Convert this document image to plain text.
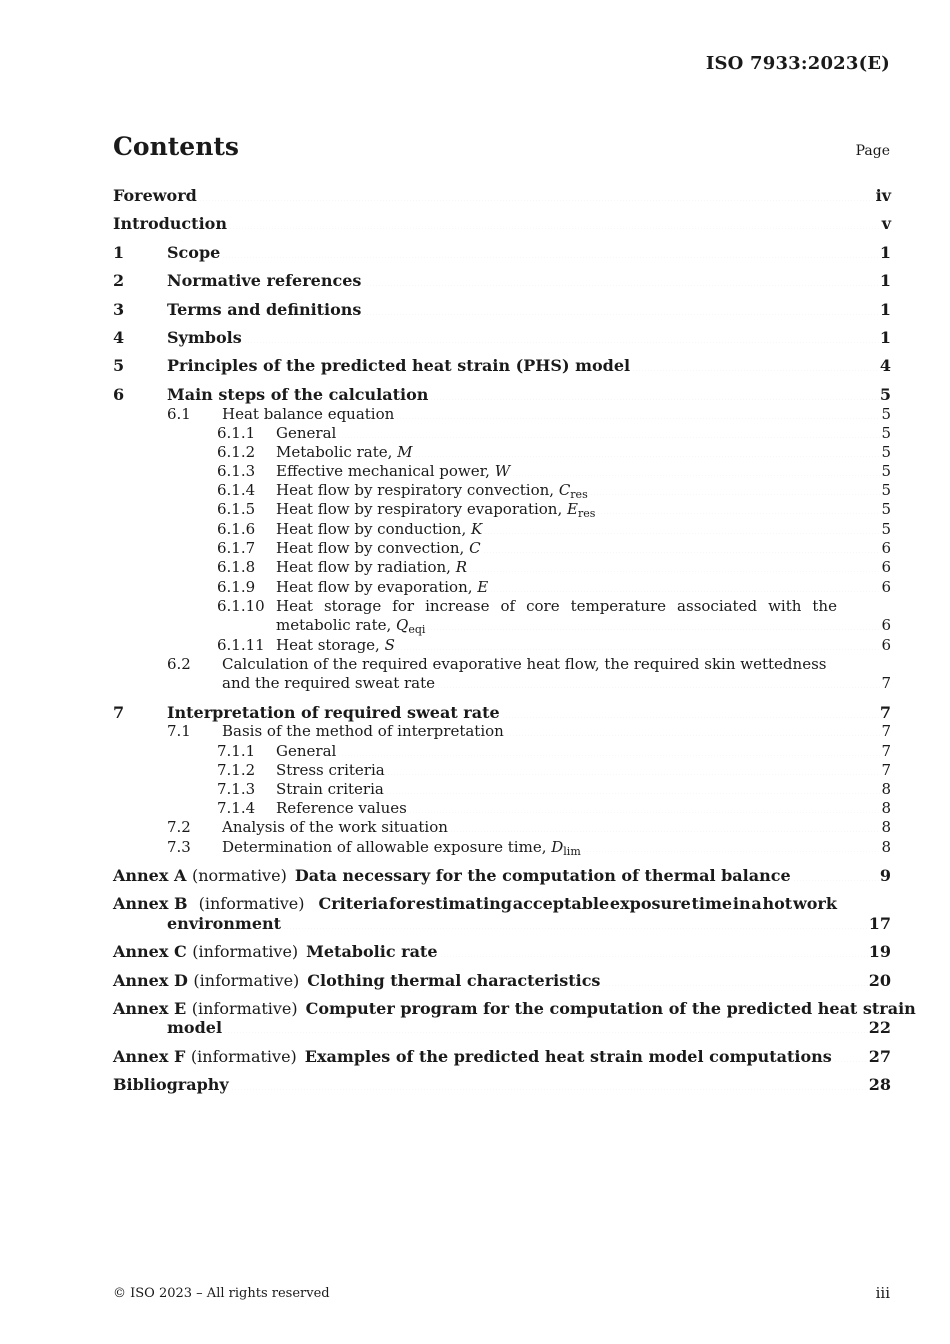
ISO 7933:2023(E)
Contents	Page
Foreword	iv
Introduction	v
1	Scope	1
2	Normative references	1
3	Terms and definitions	1
4	Symbols	1
5	Principles of the predicted heat strain (PHS) model	4
6	Main steps of the calculation	5
6.1	Heat balance equation	5
6.1.1	General	5
6.1.2	Metabolic rate, M	5
6.1.3	Effective mechanical power, W	5
6.1.4	Heat flow by respiratory convection, $C_{res}$	5
6.1.5	Heat flow by respiratory evaporation, $E_{res}$	5
6.1.6	Heat flow by conduction, K	5
6.1.7	Heat flow by convection, C	6
6.1.8	Heat flow by radiation, R	6
6.1.9	Heat flow by evaporation, E	6
6.1.10 Heat storage for increase of core temperature associated with the
metabolic rate, $Q_{eqi}$	6
6.1.11 Heat storage, S	6
6.2	Calculation of the required evaporative heat flow, the required skin wettedness
and the required sweat rate	7
7	Interpretation of required sweat rate	7
7.1	Basis of the method of interpretation	7
7.1.1	General	7
7.1.2	Stress criteria	7
7.1.3	Strain criteria	8
7.1.4	Reference values	8
7.2	Analysis of the work situation	8
7.3	Determination of allowable exposure time, $D_{lim}$	8
Annex A
(normative) Data necessary for the computation of thermal balance	9
Annex B
(informative) Criteria for estimating acceptable exposure time in a hot work
environment	17
Annex C
(informative) Metabolic rate	19
Annex D
(informative) Clothing thermal characteristics	20
Annex E
(informative) Computer program for the computation of the predicted heat strain
model	22
Annex F
(informative) Examples of the predicted heat strain model computations 27
Bibliography	28
© ISO 2023 – All rights reserved	iii
